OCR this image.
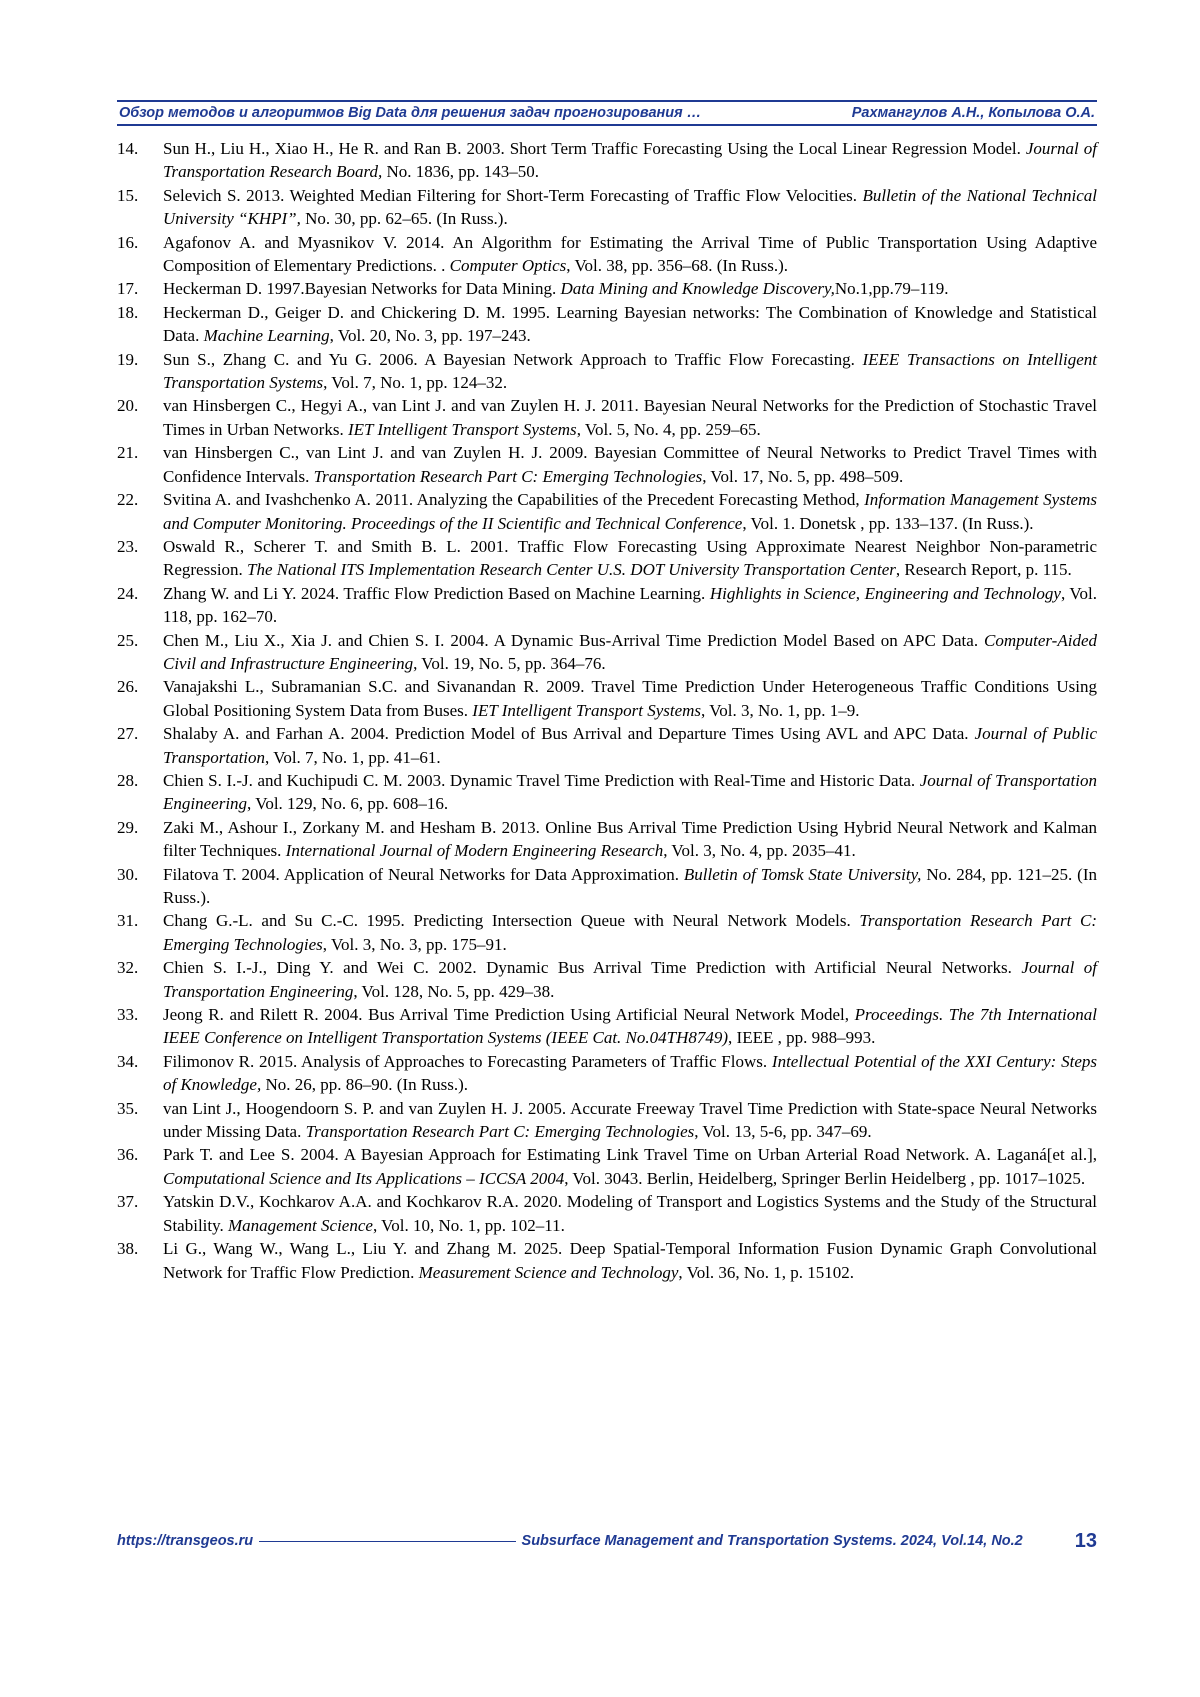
Обзор методов и алгоритмов Big Data для решения задач прогнозирования …	Рахмангулов А.Н., Копылова О.А.
14.	Sun H., Liu H., Xiao H., He R. and Ran B. 2003. Short Term Traffic Forecasting Using the Local Linear Regression Model. Journal of Transportation Research Board, No. 1836, pp. 143–50.
15.	Selevich S. 2013. Weighted Median Filtering for Short-Term Forecasting of Traffic Flow Velocities. Bulletin of the National Technical University “KHPI”, No. 30, pp. 62–65. (In Russ.).
16.	Agafonov A. and Myasnikov V. 2014. An Algorithm for Estimating the Arrival Time of Public Transportation Using Adaptive Composition of Elementary Predictions. . Computer Optics, Vol. 38, pp. 356–68. (In Russ.).
17.	Heckerman D. 1997.Bayesian Networks for Data Mining. Data Mining and Knowledge Discovery,No.1,pp.79–119.
18.	Heckerman D., Geiger D. and Chickering D. M. 1995. Learning Bayesian networks: The Combination of Knowledge and Statistical Data. Machine Learning, Vol. 20, No. 3, pp. 197–243.
19.	Sun S., Zhang C. and Yu G. 2006. A Bayesian Network Approach to Traffic Flow Forecasting. IEEE Transactions on Intelligent Transportation Systems, Vol. 7, No. 1, pp. 124–32.
20.	van Hinsbergen C., Hegyi A., van Lint J. and van Zuylen H. J. 2011. Bayesian Neural Networks for the Prediction of Stochastic Travel Times in Urban Networks. IET Intelligent Transport Systems, Vol. 5, No. 4, pp. 259–65.
21.	van Hinsbergen C., van Lint J. and van Zuylen H. J. 2009. Bayesian Committee of Neural Networks to Predict Travel Times with Confidence Intervals. Transportation Research Part C: Emerging Technologies, Vol. 17, No. 5, pp. 498–509.
22.	Svitina A. and Ivashchenko A. 2011. Analyzing the Capabilities of the Precedent Forecasting Method, Information Management Systems and Computer Monitoring. Proceedings of the II Scientific and Technical Conference, Vol. 1. Donetsk , pp. 133–137. (In Russ.).
23.	Oswald R., Scherer T. and Smith B. L. 2001. Traffic Flow Forecasting Using Approximate Nearest Neighbor Non-parametric Regression. The National ITS Implementation Research Center U.S. DOT University Transportation Center, Research Report, p. 115.
24.	Zhang W. and Li Y. 2024. Traffic Flow Prediction Based on Machine Learning. Highlights in Science, Engineering and Technology, Vol. 118, pp. 162–70.
25.	Chen M., Liu X., Xia J. and Chien S. I. 2004. A Dynamic Bus-Arrival Time Prediction Model Based on APC Data. Computer-Aided Civil and Infrastructure Engineering, Vol. 19, No. 5, pp. 364–76.
26.	Vanajakshi L., Subramanian S.C. and Sivanandan R. 2009. Travel Time Prediction Under Heterogeneous Traffic Conditions Using Global Positioning System Data from Buses. IET Intelligent Transport Systems, Vol. 3, No. 1, pp. 1–9.
27.	Shalaby A. and Farhan A. 2004. Prediction Model of Bus Arrival and Departure Times Using AVL and APC Data. Journal of Public Transportation, Vol. 7, No. 1, pp. 41–61.
28.	Chien S. I.-J. and Kuchipudi C. M. 2003. Dynamic Travel Time Prediction with Real-Time and Historic Data. Journal of Transportation Engineering, Vol. 129, No. 6, pp. 608–16.
29.	Zaki M., Ashour I., Zorkany M. and Hesham B. 2013. Online Bus Arrival Time Prediction Using Hybrid Neural Network and Kalman filter Techniques. International Journal of Modern Engineering Research, Vol. 3, No. 4, pp. 2035–41.
30.	Filatova T. 2004. Application of Neural Networks for Data Approximation. Bulletin of Tomsk State University, No. 284, pp. 121–25. (In Russ.).
31.	Chang G.-L. and Su C.-C. 1995. Predicting Intersection Queue with Neural Network Models. Transportation Research Part C: Emerging Technologies, Vol. 3, No. 3, pp. 175–91.
32.	Chien S. I.-J., Ding Y. and Wei C. 2002. Dynamic Bus Arrival Time Prediction with Artificial Neural Networks. Journal of Transportation Engineering, Vol. 128, No. 5, pp. 429–38.
33.	Jeong R. and Rilett R. 2004. Bus Arrival Time Prediction Using Artificial Neural Network Model, Proceedings. The 7th International IEEE Conference on Intelligent Transportation Systems (IEEE Cat. No.04TH8749), IEEE , pp. 988–993.
34.	Filimonov R. 2015. Analysis of Approaches to Forecasting Parameters of Traffic Flows. Intellectual Potential of the XXI Century: Steps of Knowledge, No. 26, pp. 86–90. (In Russ.).
35.	van Lint J., Hoogendoorn S. P. and van Zuylen H. J. 2005. Accurate Freeway Travel Time Prediction with State-space Neural Networks under Missing Data. Transportation Research Part C: Emerging Technologies, Vol. 13, 5-6, pp. 347–69.
36.	Park T. and Lee S. 2004. A Bayesian Approach for Estimating Link Travel Time on Urban Arterial Road Network. A. Laganá[et al.], Computational Science and Its Applications – ICCSA 2004, Vol. 3043. Berlin, Heidelberg, Springer Berlin Heidelberg , pp. 1017–1025.
37.	Yatskin D.V., Kochkarov A.A. and Kochkarov R.A. 2020. Modeling of Transport and Logistics Systems and the Study of the Structural Stability. Management Science, Vol. 10, No. 1, pp. 102–11.
38.	Li G., Wang W., Wang L., Liu Y. and Zhang M. 2025. Deep Spatial-Temporal Information Fusion Dynamic Graph Convolutional Network for Traffic Flow Prediction. Measurement Science and Technology, Vol. 36, No. 1, p. 15102.
https://transgeos.ru	Subsurface Management and Transportation Systems. 2024, Vol.14, No.2	13
